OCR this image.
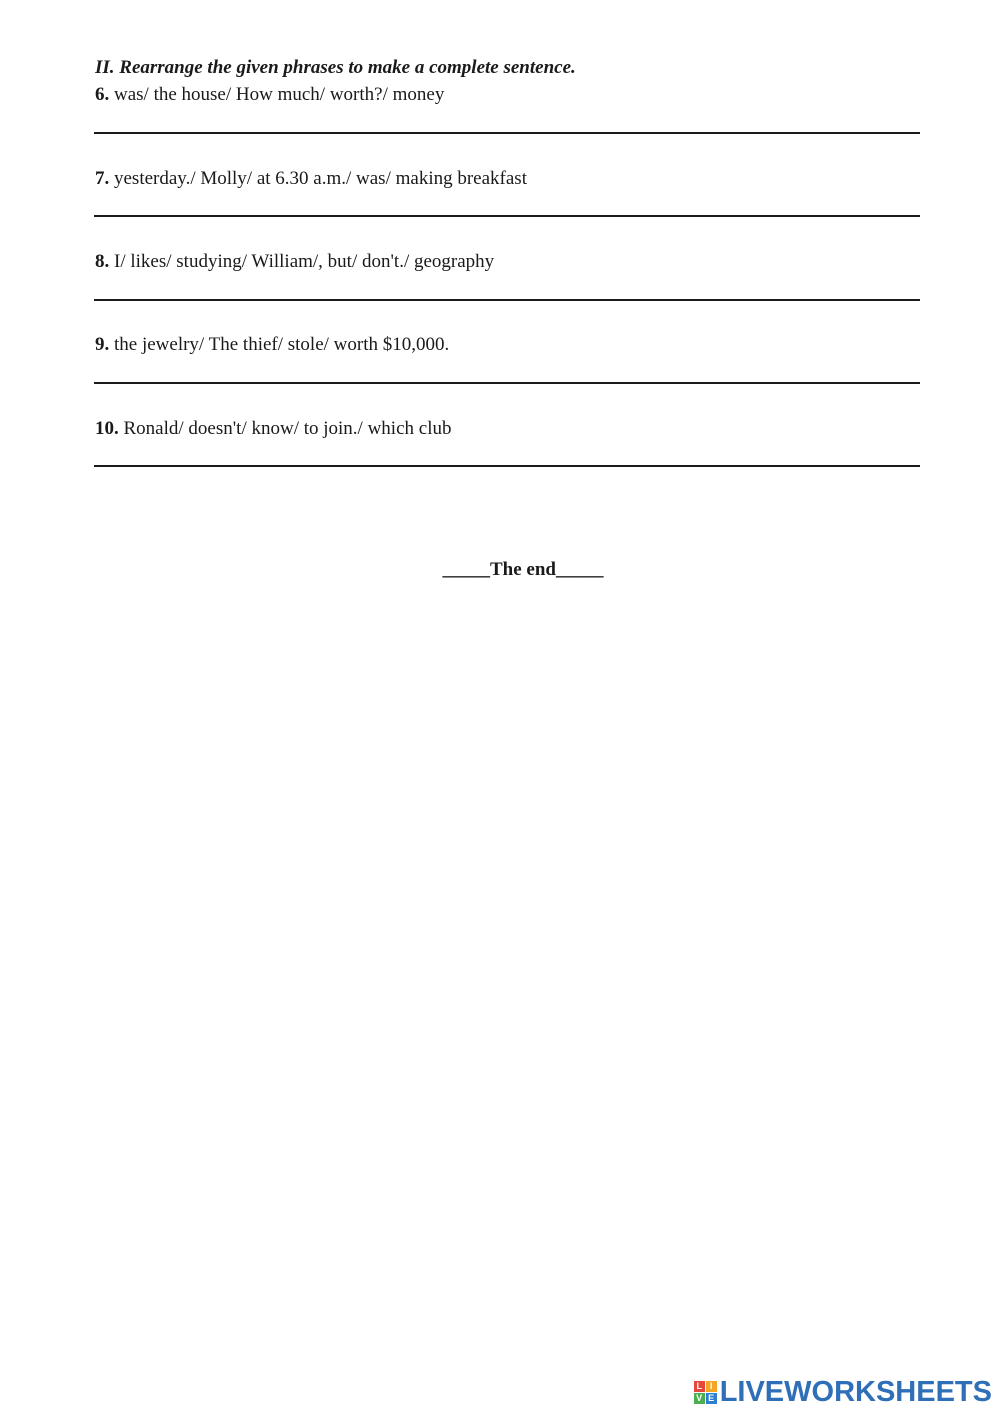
II. Rearrange the given phrases to make a complete sentence.
6. was/ the house/ How much/ worth?/ money
7. yesterday./ Molly/ at 6.30 a.m./ was/ making breakfast
8. I/ likes/ studying/ William/, but/ don't./ geography
9. the jewelry/ The thief/ stole/ worth $10,000.
10. Ronald/ doesn't/ know/ to join./ which club
_____The end_____
L I
V E LIVEWORKSHEETS
